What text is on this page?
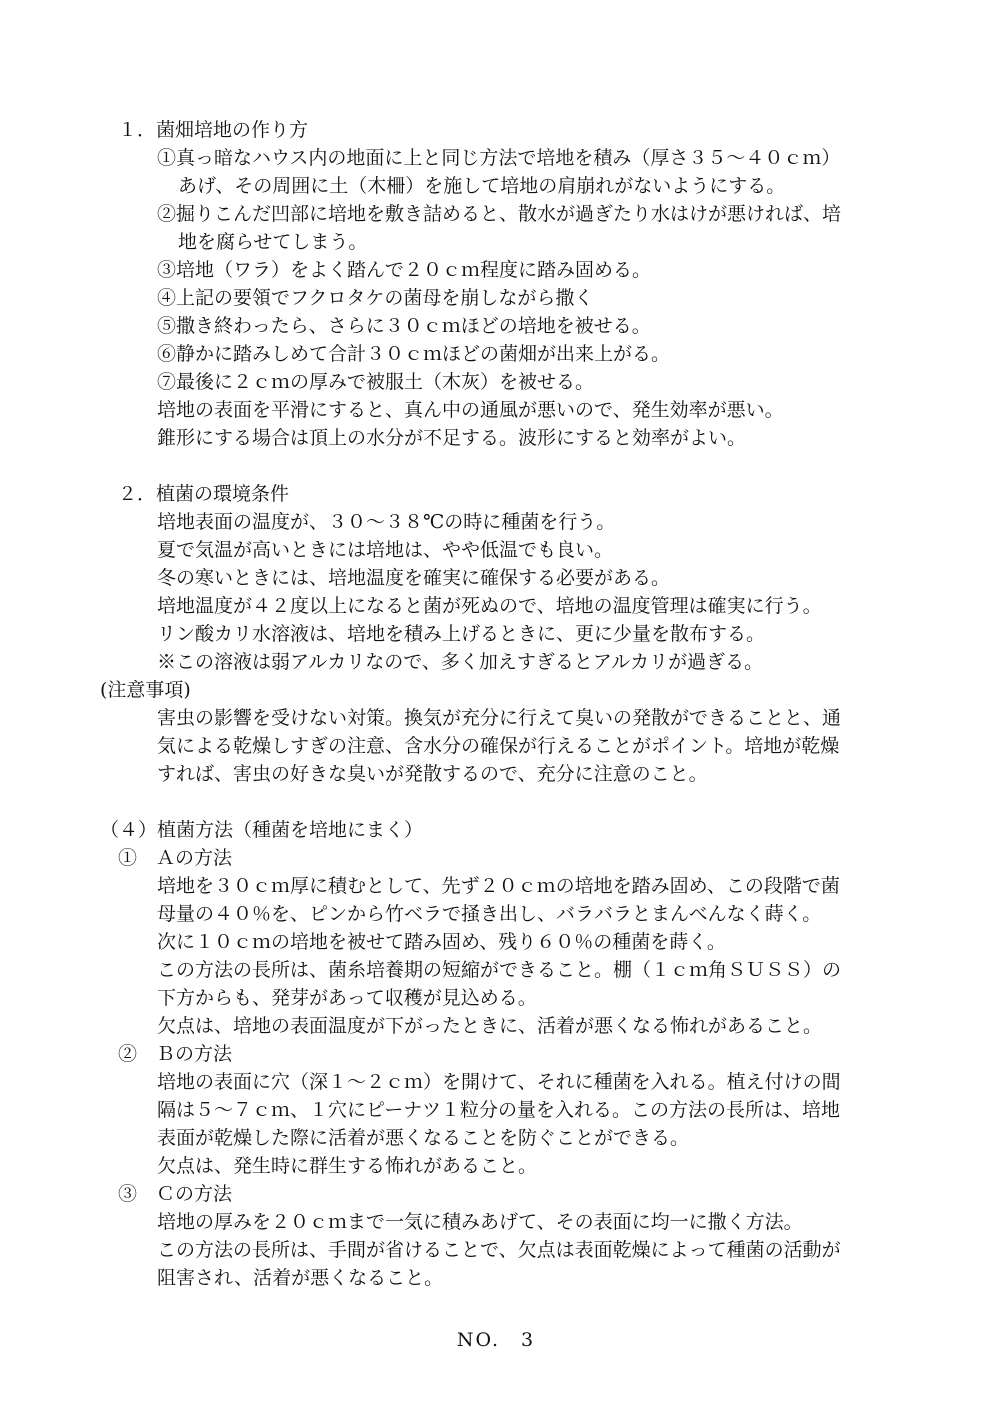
１．菌畑培地の作り方
①真っ暗なハウス内の地面に上と同じ方法で培地を積み（厚さ３５～４０ｃｍ）
あげ、その周囲に土（木柵）を施して培地の肩崩れがないようにする。
②掘りこんだ凹部に培地を敷き詰めると、散水が過ぎたり水はけが悪ければ、培
地を腐らせてしまう。
③培地（ワラ）をよく踏んで２０ｃｍ程度に踏み固める。
④上記の要領でフクロタケの菌母を崩しながら撒く
⑤撒き終わったら、さらに３０ｃｍほどの培地を被せる。
⑥静かに踏みしめて合計３０ｃｍほどの菌畑が出来上がる。
⑦最後に２ｃｍの厚みで被服土（木灰）を被せる。
培地の表面を平滑にすると、真ん中の通風が悪いので、発生効率が悪い。
錐形にする場合は頂上の水分が不足する。波形にすると効率がよい。
２．植菌の環境条件
培地表面の温度が、３０～３８℃の時に種菌を行う。
夏で気温が高いときには培地は、やや低温でも良い。
冬の寒いときには、培地温度を確実に確保する必要がある。
培地温度が４２度以上になると菌が死ぬので、培地の温度管理は確実に行う。
リン酸カリ水溶液は、培地を積み上げるときに、更に少量を散布する。
※この溶液は弱アルカリなので、多く加えすぎるとアルカリが過ぎる。
(注意事項)
害虫の影響を受けない対策。換気が充分に行えて臭いの発散ができることと、通
気による乾燥しすぎの注意、含水分の確保が行えることがポイント。培地が乾燥
すれば、害虫の好きな臭いが発散するので、充分に注意のこと。
（４）植菌方法（種菌を培地にまく）
①　Ａの方法
培地を３０ｃｍ厚に積むとして、先ず２０ｃｍの培地を踏み固め、この段階で菌
母量の４０％を、ピンから竹ベラで掻き出し、バラバラとまんべんなく蒔く。
次に１０ｃｍの培地を被せて踏み固め、残り６０％の種菌を蒔く。
この方法の長所は、菌糸培養期の短縮ができること。棚（１ｃｍ角ＳＵＳＳ）の
下方からも、発芽があって収穫が見込める。
欠点は、培地の表面温度が下がったときに、活着が悪くなる怖れがあること。
②　Ｂの方法
培地の表面に穴（深１～２ｃｍ）を開けて、それに種菌を入れる。植え付けの間
隔は５～７ｃｍ、１穴にピーナツ１粒分の量を入れる。この方法の長所は、培地
表面が乾燥した際に活着が悪くなることを防ぐことができる。
欠点は、発生時に群生する怖れがあること。
③　Ｃの方法
培地の厚みを２０ｃｍまで一気に積みあげて、その表面に均一に撒く方法。
この方法の長所は、手間が省けることで、欠点は表面乾燥によって種菌の活動が
阻害され、活着が悪くなること。
NO.　3
